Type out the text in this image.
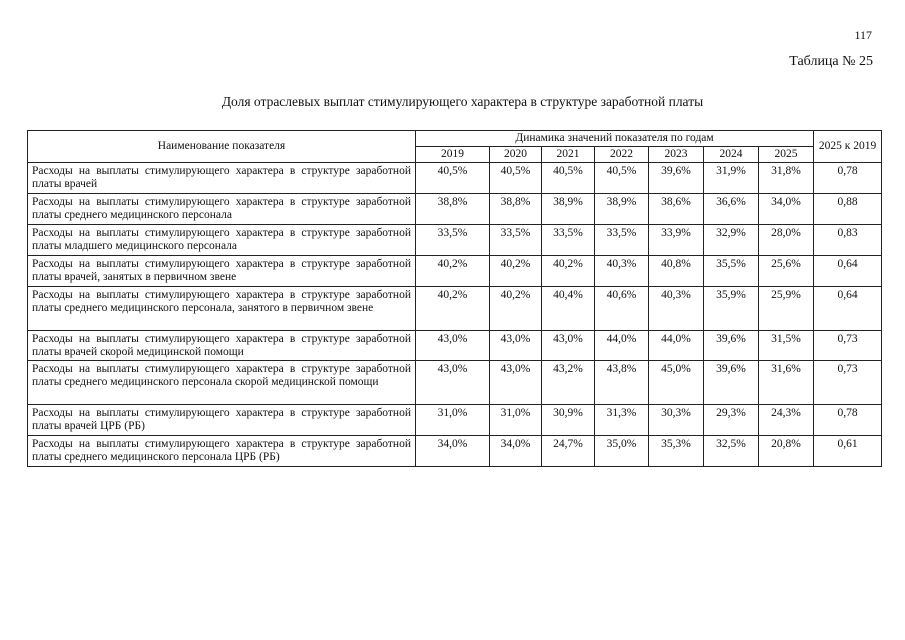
117
Таблица № 25
Доля отраслевых выплат стимулирующего характера в структуре заработной платы
Наименование показателя	Динамика значений показателя по годам							2025 к 2019
	2019	2020	2021	2022	2023	2024	2025	
Расходы на выплаты стимулирующего характера в структуре заработной платы врачей	40,5%	40,5%	40,5%	40,5%	39,6%	31,9%	31,8%	0,78
Расходы на выплаты стимулирующего характера в структуре заработной платы среднего медицинского персонала	38,8%	38,8%	38,9%	38,9%	38,6%	36,6%	34,0%	0,88
Расходы на выплаты стимулирующего характера в структуре заработной платы младшего медицинского персонала	33,5%	33,5%	33,5%	33,5%	33,9%	32,9%	28,0%	0,83
Расходы на выплаты стимулирующего характера в структуре заработной платы врачей, занятых в первичном звене	40,2%	40,2%	40,2%	40,3%	40,8%	35,5%	25,6%	0,64
Расходы на выплаты стимулирующего характера в структуре заработной платы среднего медицинского персонала, занятого в первичном звене	40,2%	40,2%	40,4%	40,6%	40,3%	35,9%	25,9%	0,64
Расходы на выплаты стимулирующего характера в структуре заработной платы врачей скорой медицинской помощи	43,0%	43,0%	43,0%	44,0%	44,0%	39,6%	31,5%	0,73
Расходы на выплаты стимулирующего характера в структуре заработной платы среднего медицинского персонала скорой медицинской помощи	43,0%	43,0%	43,2%	43,8%	45,0%	39,6%	31,6%	0,73
Расходы на выплаты стимулирующего характера в структуре заработной платы врачей ЦРБ (РБ)	31,0%	31,0%	30,9%	31,3%	30,3%	29,3%	24,3%	0,78
Расходы на выплаты стимулирующего характера в структуре заработной платы среднего медицинского персонала ЦРБ (РБ)	34,0%	34,0%	24,7%	35,0%	35,3%	32,5%	20,8%	0,61
